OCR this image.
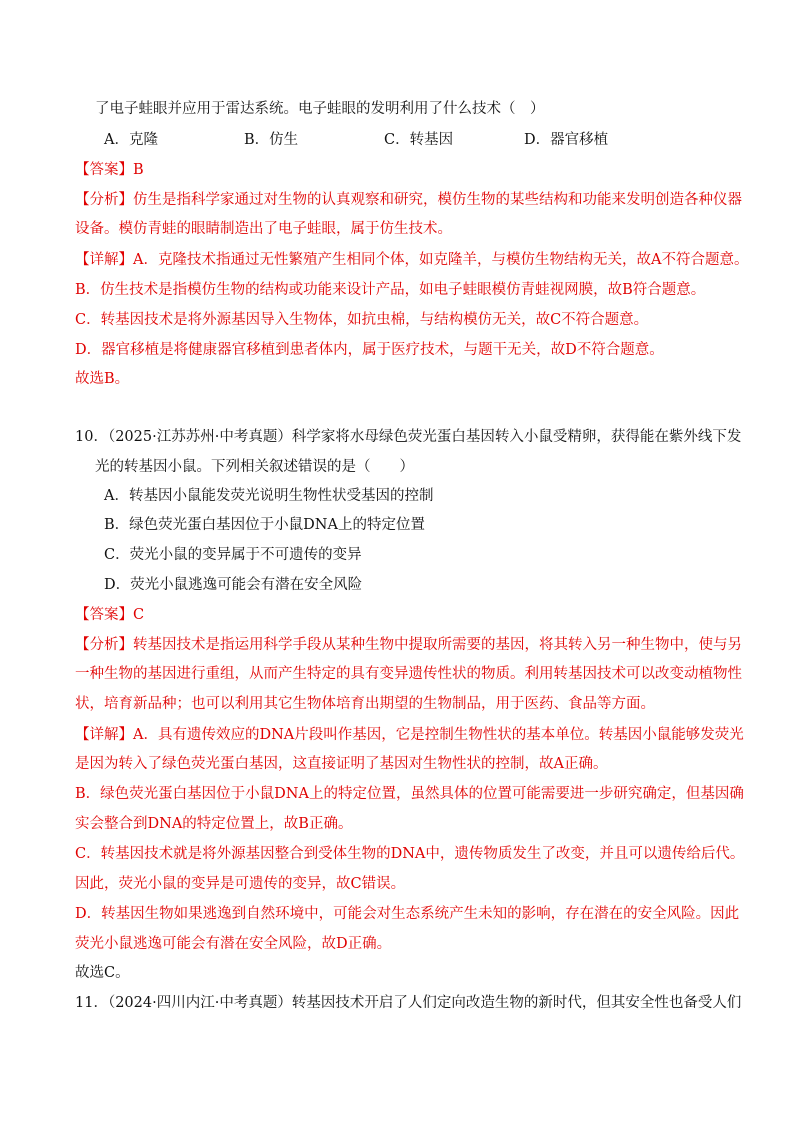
了电子蛙眼并应用于雷达系统。电子蛙眼的发明利用了什么技术（　）
A．克隆	B．仿生	C．转基因	D．器官移植
【答案】B
【分析】仿生是指科学家通过对生物的认真观察和研究，模仿生物的某些结构和功能来发明创造各种仪器
设备。模仿青蛙的眼睛制造出了电子蛙眼，属于仿生技术。
【详解】A．克隆技术指通过无性繁殖产生相同个体，如克隆羊，与模仿生物结构无关，故A不符合题意。
B．仿生技术是指模仿生物的结构或功能来设计产品，如电子蛙眼模仿青蛙视网膜，故B符合题意。
C．转基因技术是将外源基因导入生物体，如抗虫棉，与结构模仿无关，故C不符合题意。
D．器官移植是将健康器官移植到患者体内，属于医疗技术，与题干无关，故D不符合题意。
故选B。
10．（2025·江苏苏州·中考真题）科学家将水母绿色荧光蛋白基因转入小鼠受精卵，获得能在紫外线下发
光的转基因小鼠。下列相关叙述错误的是（　　）
A．转基因小鼠能发荧光说明生物性状受基因的控制
B．绿色荧光蛋白基因位于小鼠DNA上的特定位置
C．荧光小鼠的变异属于不可遗传的变异
D．荧光小鼠逃逸可能会有潜在安全风险
【答案】C
【分析】转基因技术是指运用科学手段从某种生物中提取所需要的基因，将其转入另一种生物中，使与另
一种生物的基因进行重组，从而产生特定的具有变异遗传性状的物质。利用转基因技术可以改变动植物性
状，培育新品种；也可以利用其它生物体培育出期望的生物制品，用于医药、食品等方面。
【详解】A．具有遗传效应的DNA片段叫作基因，它是控制生物性状的基本单位。转基因小鼠能够发荧光
是因为转入了绿色荧光蛋白基因，这直接证明了基因对生物性状的控制，故A正确。
B．绿色荧光蛋白基因位于小鼠DNA上的特定位置，虽然具体的位置可能需要进一步研究确定，但基因确
实会整合到DNA的特定位置上，故B正确。
C．转基因技术就是将外源基因整合到受体生物的DNA中，遗传物质发生了改变，并且可以遗传给后代。
因此，荧光小鼠的变异是可遗传的变异，故C错误。
D．转基因生物如果逃逸到自然环境中，可能会对生态系统产生未知的影响，存在潜在的安全风险。因此
荧光小鼠逃逸可能会有潜在安全风险，故D正确。
故选C。
11．（2024·四川内江·中考真题）转基因技术开启了人们定向改造生物的新时代，但其安全性也备受人们
